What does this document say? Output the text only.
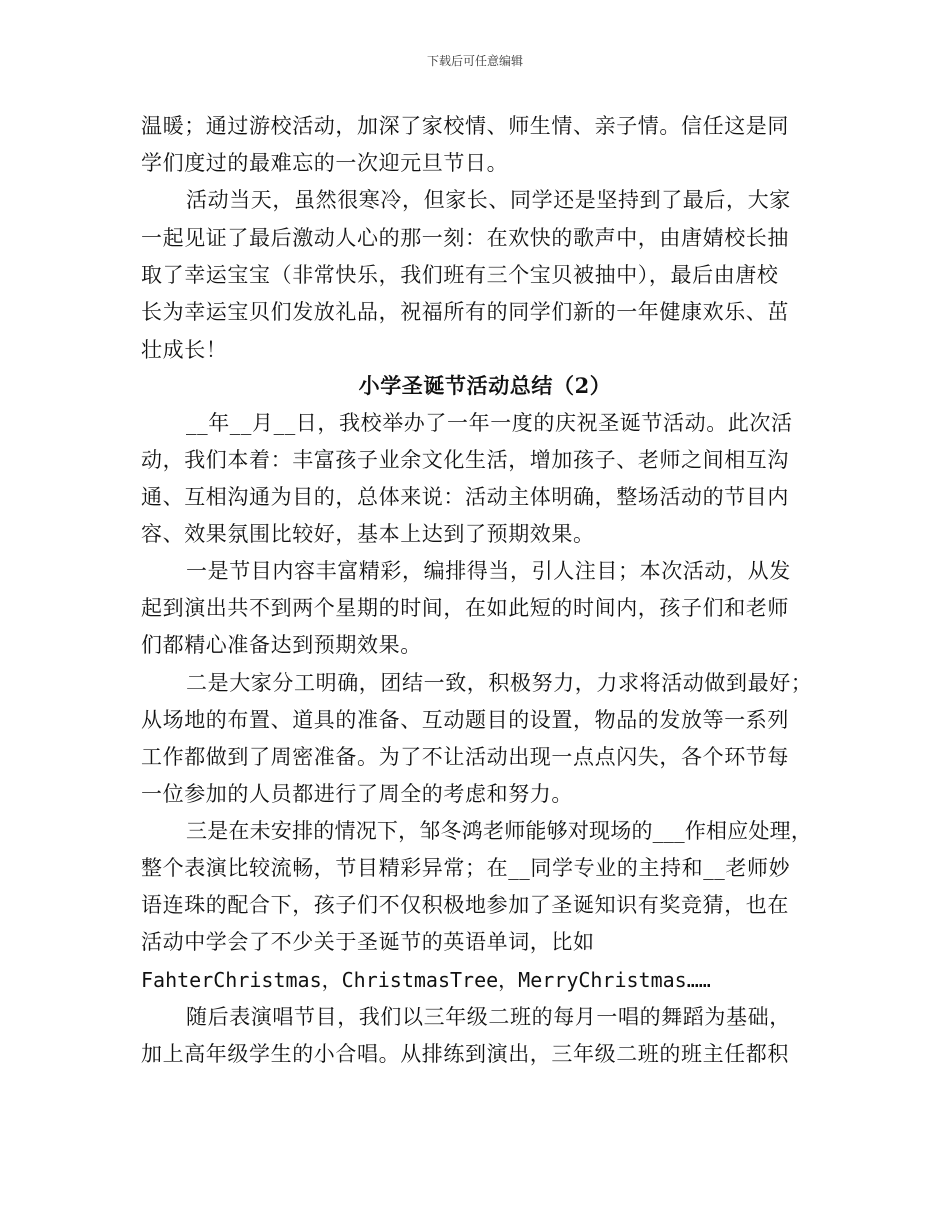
下载后可任意编辑
温暖；通过游校活动，加深了家校情、师生情、亲子情。信任这是同
学们度过的最难忘的一次迎元旦节日。
活动当天，虽然很寒冷，但家长、同学还是坚持到了最后，大家
一起见证了最后激动人心的那一刻：在欢快的歌声中，由唐婧校长抽
取了幸运宝宝（非常快乐，我们班有三个宝贝被抽中），最后由唐校
长为幸运宝贝们发放礼品，祝福所有的同学们新的一年健康欢乐、茁
壮成长！
小学圣诞节活动总结（2）
__年__月__日，我校举办了一年一度的庆祝圣诞节活动。此次活
动，我们本着：丰富孩子业余文化生活，增加孩子、老师之间相互沟
通、互相沟通为目的，总体来说：活动主体明确，整场活动的节目内
容、效果氛围比较好，基本上达到了预期效果。
一是节目内容丰富精彩，编排得当，引人注目；本次活动，从发
起到演出共不到两个星期的时间，在如此短的时间内，孩子们和老师
们都精心准备达到预期效果。
二是大家分工明确，团结一致，积极努力，力求将活动做到最好；
从场地的布置、道具的准备、互动题目的设置，物品的发放等一系列
工作都做到了周密准备。为了不让活动出现一点点闪失，各个环节每
一位参加的人员都进行了周全的考虑和努力。
三是在未安排的情况下，邹冬鸿老师能够对现场的___作相应处理，
整个表演比较流畅，节目精彩异常；在__同学专业的主持和__老师妙
语连珠的配合下，孩子们不仅积极地参加了圣诞知识有奖竞猜，也在
活动中学会了不少关于圣诞节的英语单词，比如
FahterChristmas，ChristmasTree，MerryChristmas……
随后表演唱节目，我们以三年级二班的每月一唱的舞蹈为基础，
加上高年级学生的小合唱。从排练到演出，三年级二班的班主任都积
